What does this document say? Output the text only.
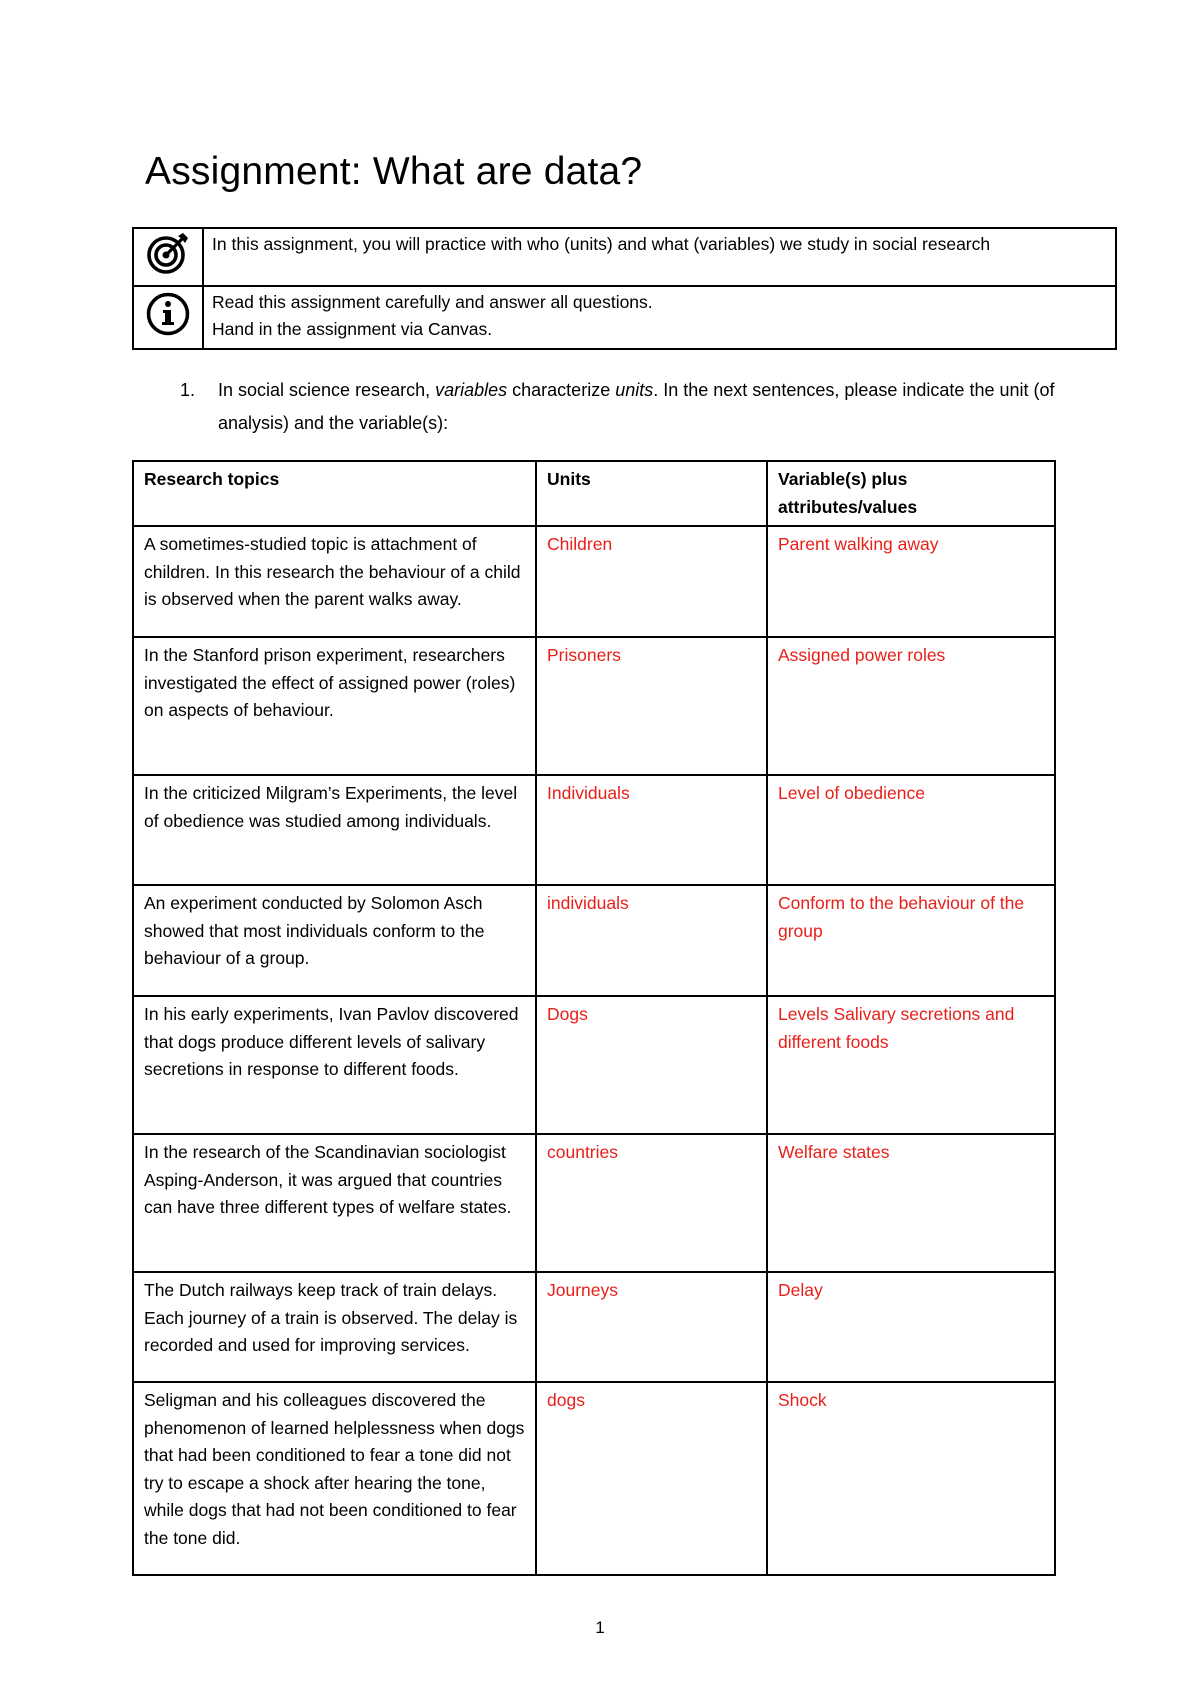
Assignment: What are data?
	In this assignment, you will practice with who (units) and what (variables) we study in social research

Read this assignment carefully and answer all questions.
Hand in the assignment via Canvas.
1. In social science research, variables characterize units. In the next sentences, please indicate the unit (of analysis) and the variable(s):
Research topics	Units	Variable(s) plus attributes/values
A sometimes-studied topic is attachment of children. In this research the behaviour of a child is observed when the parent walks away.	Children	Parent walking away
In the Stanford prison experiment, researchers investigated the effect of assigned power (roles) on aspects of behaviour.	Prisoners	Assigned power roles
In the criticized Milgram’s Experiments, the level of obedience was studied among individuals.	Individuals	Level of obedience
An experiment conducted by Solomon Asch showed that most individuals conform to the behaviour of a group.	individuals	Conform to the behaviour of the group
In his early experiments, Ivan Pavlov discovered that dogs produce different levels of salivary secretions in response to different foods.	Dogs	Levels Salivary secretions and different foods
In the research of the Scandinavian sociologist Asping-Anderson, it was argued that countries can have three different types of welfare states.	countries	Welfare states
The Dutch railways keep track of train delays. Each journey of a train is observed. The delay is recorded and used for improving services.	Journeys	Delay
Seligman and his colleagues discovered the phenomenon of learned helplessness when dogs that had been conditioned to fear a tone did not try to escape a shock after hearing the tone, while dogs that had not been conditioned to fear the tone did.	dogs	Shock
1
